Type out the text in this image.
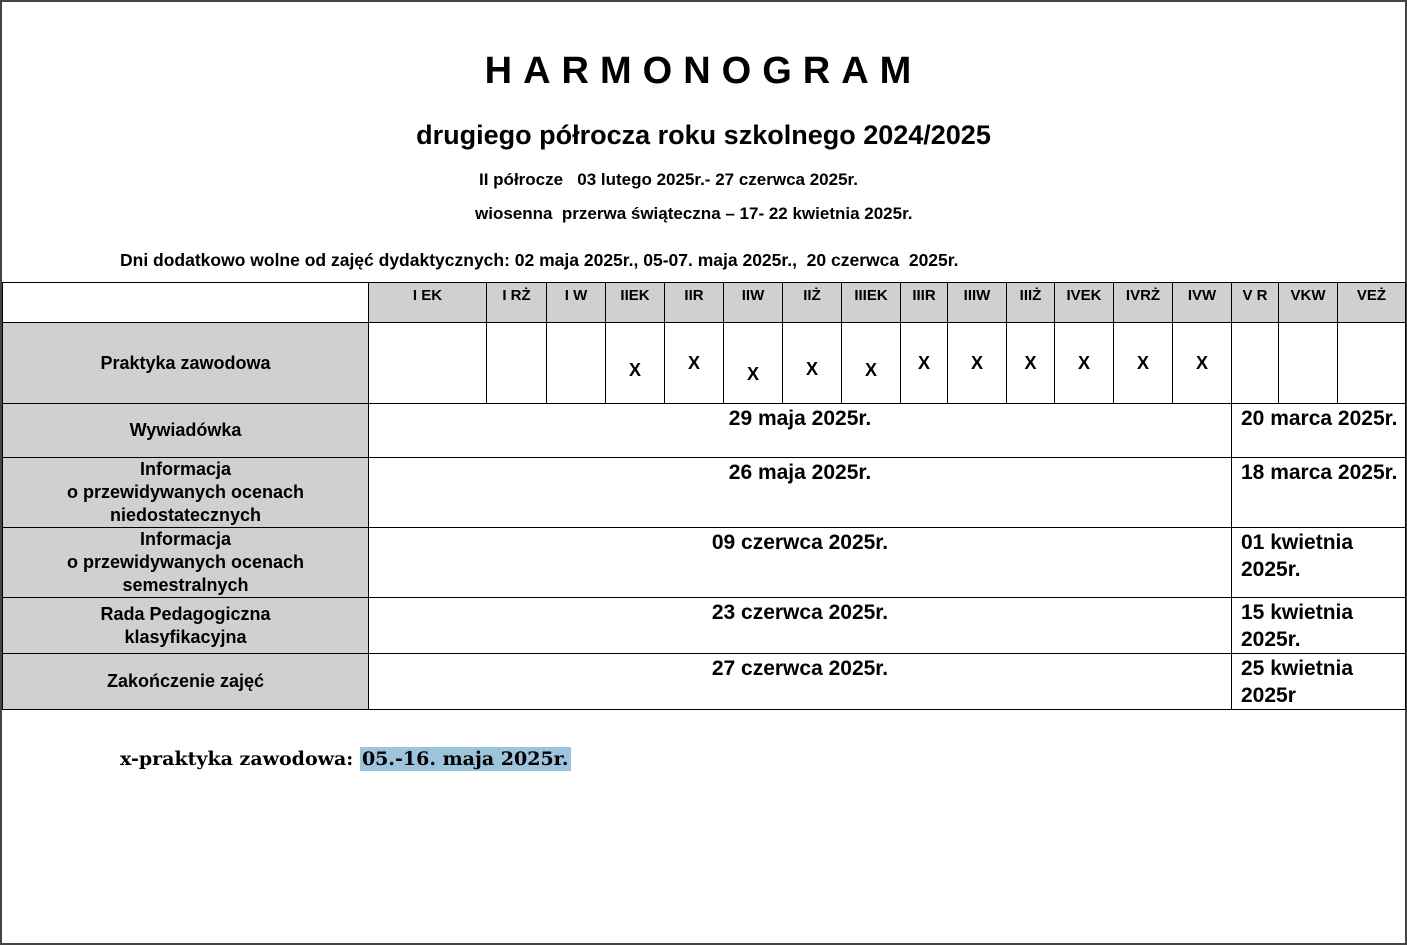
HARMONOGRAM
drugiego półrocza roku szkolnego 2024/2025
II półrocze   03 lutego 2025r.- 27 czerwca 2025r.
wiosenna  przerwa świąteczna – 17- 22 kwietnia 2025r.
Dni dodatkowo wolne od zajęć dydaktycznych: 02 maja 2025r., 05-07. maja 2025r.,  20 czerwca  2025r.
	I EK	I RŻ	I W	IIEK	IIR	IIW	IIŻ	IIIEK	IIIR	IIIW	IIIŻ	IVEK	IVRŻ	IVW	V R	VKW	VEŻ
Praktyka zawodowa				X	X	X	X	X	X	X	X	X	X	X			
Wywiadówka	29 maja 2025r.														20 marca 2025r.		
Informacja
o przewidywanych ocenach
niedostatecznych	26 maja 2025r.														18 marca 2025r.		
Informacja
o przewidywanych ocenach
semestralnych	09 czerwca 2025r.														01 kwietnia 2025r.		
Rada Pedagogiczna
klasyfikacyjna	23 czerwca 2025r.														15 kwietnia 2025r.		
Zakończenie zajęć	27 czerwca 2025r.														25 kwietnia 2025r		
x-praktyka zawodowa: 05.-16. maja 2025r.
